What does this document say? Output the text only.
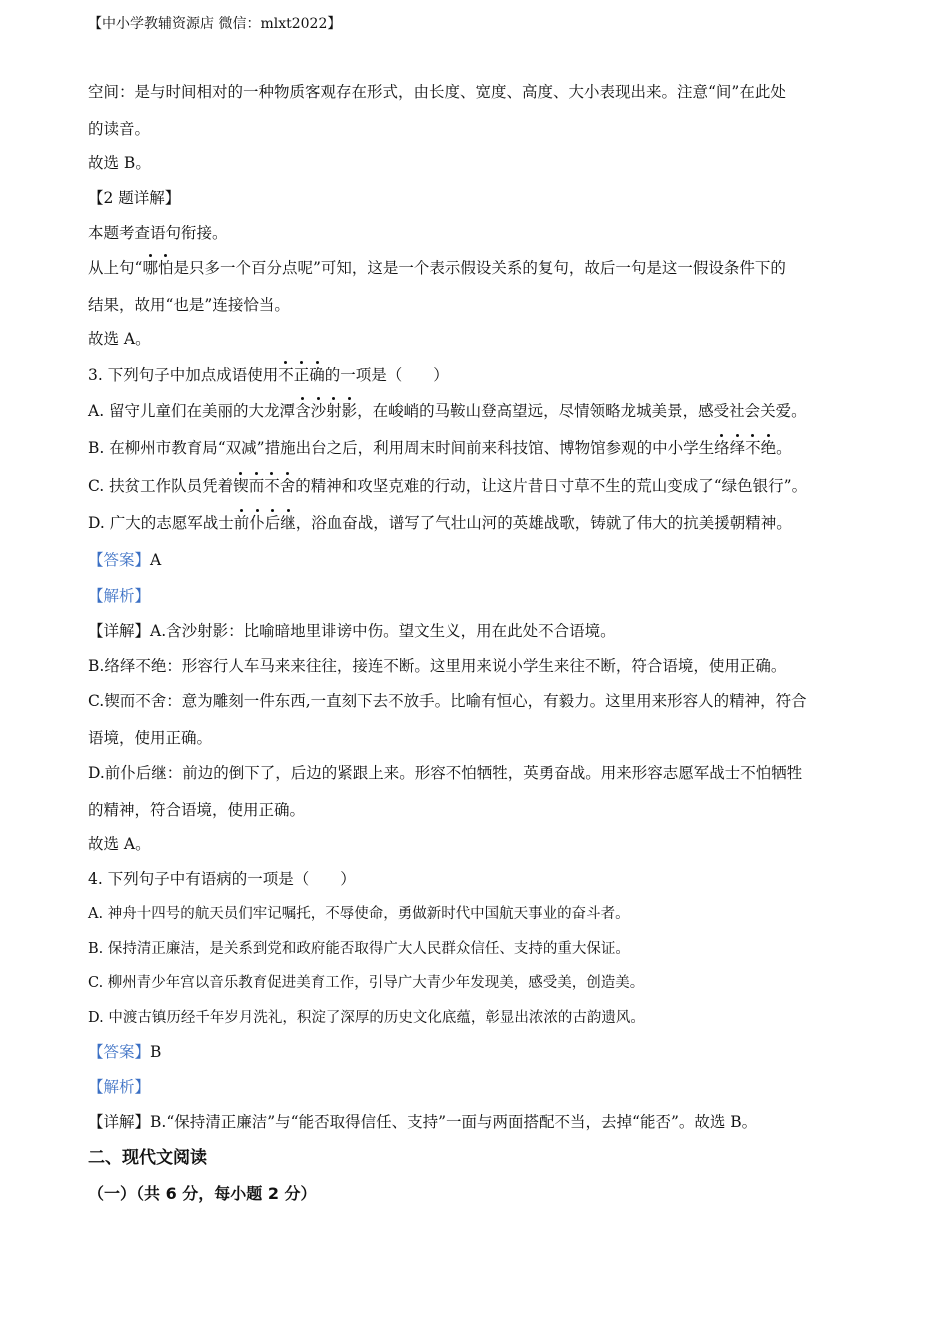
【中小学教辅资源店 微信：mlxt2022】
空间：是与时间相对的一种物质客观存在形式，由长度、宽度、高度、大小表现出来。注意“间”在此处
的读音。
故选 B。
【2 题详解】
本题考查语句衔接。
从上句“哪怕是只多一个百分点呢”可知，这是一个表示假设关系的复句，故后一句是这一假设条件下的
结果，故用“也是”连接恰当。
故选 A。
3. 下列句子中加点成语使用不正确的一项是（　　）
A. 留守儿童们在美丽的大龙潭含沙射影，在峻峭的马鞍山登高望远，尽情领略龙城美景，感受社会关爱。
B. 在柳州市教育局“双减”措施出台之后，利用周末时间前来科技馆、博物馆参观的中小学生络绎不绝。
C. 扶贫工作队员凭着锲而不舍的精神和攻坚克难的行动，让这片昔日寸草不生的荒山变成了“绿色银行”。
D. 广大的志愿军战士前仆后继，浴血奋战，谱写了气壮山河的英雄战歌，铸就了伟大的抗美援朝精神。
【答案】A
【解析】
【详解】A.含沙射影：比喻暗地里诽谤中伤。望文生义，用在此处不合语境。
B.络绎不绝：形容行人车马来来往往，接连不断。这里用来说小学生来往不断，符合语境，使用正确。
C.锲而不舍：意为雕刻一件东西,一直刻下去不放手。比喻有恒心，有毅力。这里用来形容人的精神，符合
语境，使用正确。
D.前仆后继：前边的倒下了，后边的紧跟上来。形容不怕牺牲，英勇奋战。用来形容志愿军战士不怕牺牲
的精神，符合语境，使用正确。
故选 A。
4. 下列句子中有语病的一项是（　　）
A. 神舟十四号的航天员们牢记嘱托，不辱使命，勇做新时代中国航天事业的奋斗者。
B. 保持清正廉洁，是关系到党和政府能否取得广大人民群众信任、支持的重大保证。
C. 柳州青少年宫以音乐教育促进美育工作，引导广大青少年发现美，感受美，创造美。
D. 中渡古镇历经千年岁月洗礼，积淀了深厚的历史文化底蕴，彰显出浓浓的古韵遗风。
【答案】B
【解析】
【详解】B.“保持清正廉洁”与“能否取得信任、支持”一面与两面搭配不当，去掉“能否”。故选 B。
二、现代文阅读
（一）（共 6 分，每小题 2 分）
